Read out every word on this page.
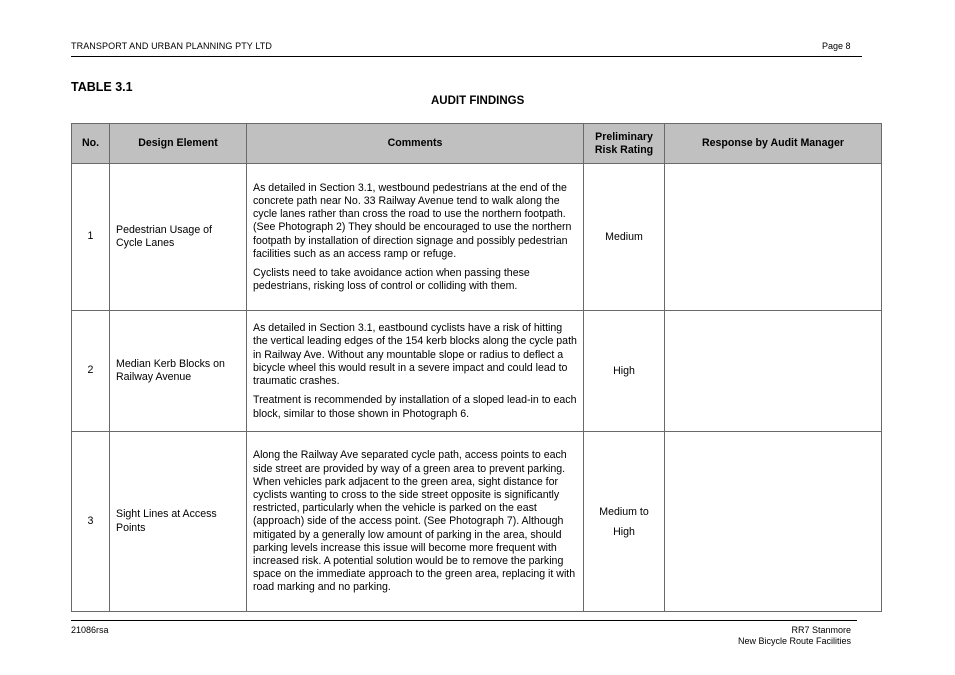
TRANSPORT AND URBAN PLANNING PTY LTD	Page 8
TABLE 3.1
AUDIT FINDINGS
No.	Design Element	Comments	Preliminary Risk Rating	Response by Audit Manager
1	Pedestrian Usage of Cycle Lanes	As detailed in Section 3.1, westbound pedestrians at the end of the concrete path near No. 33 Railway Avenue tend to walk along the cycle lanes rather than cross the road to use the northern footpath. (See Photograph 2) They should be encouraged to use the northern footpath by installation of direction signage and possibly pedestrian facilities such as an access ramp or refuge.

Cyclists need to take avoidance action when passing these pedestrians, risking loss of control or colliding with them.	Medium	
2	Median Kerb Blocks on Railway Avenue	As detailed in Section 3.1, eastbound cyclists have a risk of hitting the vertical leading edges of the 154 kerb blocks along the cycle path in Railway Ave. Without any mountable slope or radius to deflect a bicycle wheel this would result in a severe impact and could lead to traumatic crashes.

Treatment is recommended by installation of a sloped lead-in to each block, similar to those shown in Photograph 6.	High	
3	Sight Lines at Access Points	Along the Railway Ave separated cycle path, access points to each side street are provided by way of a green area to prevent parking. When vehicles park adjacent to the green area, sight distance for cyclists wanting to cross to the side street opposite is significantly restricted, particularly when the vehicle is parked on the east (approach) side of the access point. (See Photograph 7). Although mitigated by a generally low amount of parking in the area, should parking levels increase this issue will become more frequent with increased risk. A potential solution would be to remove the parking space on the immediate approach to the green area, replacing it with road marking and no parking.	Medium to
High	

21086rsa	RR7 Stanmore
New Bicycle Route Facilities
